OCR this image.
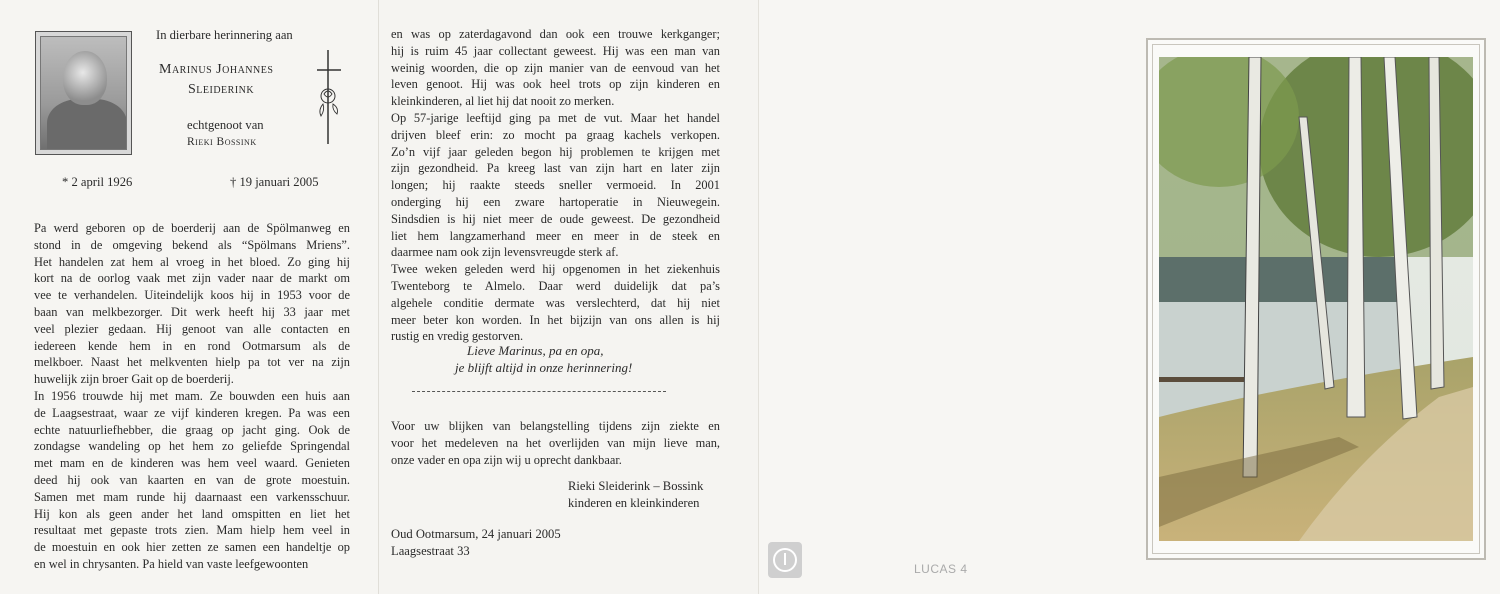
In dierbare herinnering aan
Marinus Johannes
Sleiderink
echtgenoot van
Rieki Bossink
* 2 april 1926	† 19 januari 2005
Pa werd geboren op de boerderij aan de Spölmanweg en
stond in de omgeving bekend als “Spölmans Mriens”.
Het handelen zat hem al vroeg in het bloed. Zo ging hij
kort na de oorlog vaak met zijn vader naar de markt om
vee te verhandelen. Uiteindelijk koos hij in 1953 voor de
baan van melkbezorger. Dit werk heeft hij 33 jaar met
veel plezier gedaan. Hij genoot van alle contacten en
iedereen kende hem in en rond Ootmarsum als de
melkboer. Naast het melkventen hielp pa tot ver na zijn
huwelijk zijn broer Gait op de boerderij.
In 1956 trouwde hij met mam. Ze bouwden een huis aan
de Laagsestraat, waar ze vijf kinderen kregen. Pa was een
echte natuurliefhebber, die graag op jacht ging. Ook de
zondagse wandeling op het hem zo geliefde Springendal
met mam en de kinderen was hem veel waard. Genieten
deed hij ook van kaarten en van de grote moestuin.
Samen met mam runde hij daarnaast een varkensschuur.
Hij kon als geen ander het land omspitten en liet het
resultaat met gepaste trots zien. Mam hielp hem veel in
de moestuin en ook hier zetten ze samen een handeltje op
en wel in chrysanten. Pa hield van vaste leefgewoonten
en was op zaterdagavond dan ook een trouwe kerkganger;
hij is ruim 45 jaar collectant geweest. Hij was een man van
weinig woorden, die op zijn manier van de eenvoud van het
leven genoot. Hij was ook heel trots op zijn kinderen en
kleinkinderen, al liet hij dat nooit zo merken.
Op 57-jarige leeftijd ging pa met de vut. Maar het handel
drijven bleef erin: zo mocht pa graag kachels verkopen.
Zo’n vijf jaar geleden begon hij problemen te krijgen met
zijn gezondheid. Pa kreeg last van zijn hart en later zijn
longen; hij raakte steeds sneller vermoeid. In 2001
onderging hij een zware hartoperatie in Nieuwegein.
Sindsdien is hij niet meer de oude geweest. De gezondheid
liet hem langzamerhand meer en meer in de steek en
daarmee nam ook zijn levensvreugde sterk af.
Twee weken geleden werd hij opgenomen in het ziekenhuis
Twenteborg te Almelo. Daar werd duidelijk dat pa’s
algehele conditie dermate was verslechterd, dat hij niet
meer beter kon worden. In het bijzijn van ons allen is hij
rustig en vredig gestorven.
Lieve Marinus, pa en opa,
je blijft altijd in onze herinnering!
Voor uw blijken van belangstelling tijdens zijn ziekte en
voor het medeleven na het overlijden van mijn lieve man,
onze vader en opa zijn wij u oprecht dankbaar.
Rieki Sleiderink – Bossink
kinderen en kleinkinderen
Oud Ootmarsum, 24 januari 2005
Laagsestraat 33
LUCAS 4
